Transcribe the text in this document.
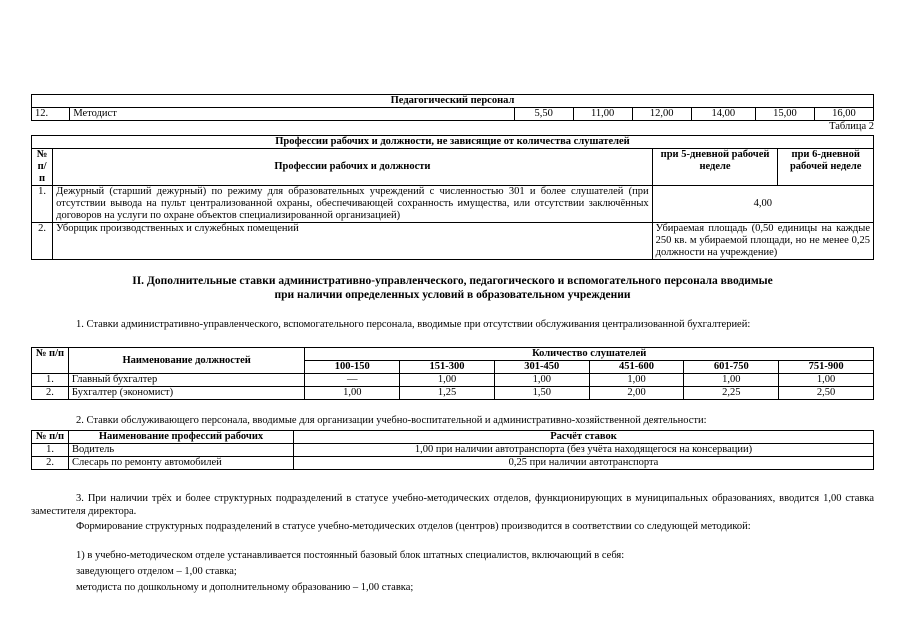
Педагогический персонал
12.	Методист	5,50	11,00	12,00	14,00	15,00	16,00
Таблица 2
Профессии рабочих и должности, не зависящие от количества слушателей			
№ п/п	Профессии рабочих и должности	при 5-дневной рабочей неделе	при 6-дневной рабочей неделе
1.	Дежурный (старший дежурный) по режиму для образовательных учреждений с численностью 301 и более слушателей (при отсутствии вывода на пульт централизованной охраны, обеспечивающей сохранность имущества, или отсутствии заключённых договоров на услуги по охране объектов специализированной организацией)	4,00	
2.	Уборщик производственных и служебных помещений	Убираемая площадь (0,50 единицы на каждые 250 кв. м убираемой площади, но не менее 0,25 должности на учреждение)	
II. Дополнительные ставки административно-управленческого, педагогического и вспомогательного персонала вводимые
при наличии определенных условий в образовательном учреждении

1. Ставки административно-управленческого, вспомогательного персонала, вводимые при отсутствии обслуживания централизованной бухгалтерией:

№ п/п	Наименование должностей	Количество слушателей					
		100-150	151-300	301-450	451-600	601-750	751-900
1.	Главный бухгалтер	—	1,00	1,00	1,00	1,00	1,00
2.	Бухгалтер (экономист)	1,00	1,25	1,50	2,00	2,25	2,50

2. Ставки обслуживающего персонала, вводимые для организации учебно-воспитательной и административно-хозяйственной деятельности:

№ п/п	Наименование профессий рабочих	Расчёт ставок
1.	Водитель	1,00 при наличии автотранспорта (без учёта находящегося на консервации)
2.	Слесарь по ремонту автомобилей	0,25 при наличии автотранспорта

3. При наличии трёх и более структурных подразделений в статусе учебно-методических отделов, функционирующих в муниципальных образованиях, вводится 1,00 ставка заместителя директора.

Формирование структурных подразделений в статусе учебно-методических отделов (центров) производится в соответствии со следующей методикой:

1) в учебно-методическом отделе устанавливается постоянный базовый блок штатных специалистов, включающий в себя:

заведующего отделом – 1,00 ставка;

методиста по дошкольному и дополнительному образованию – 1,00 ставка;
